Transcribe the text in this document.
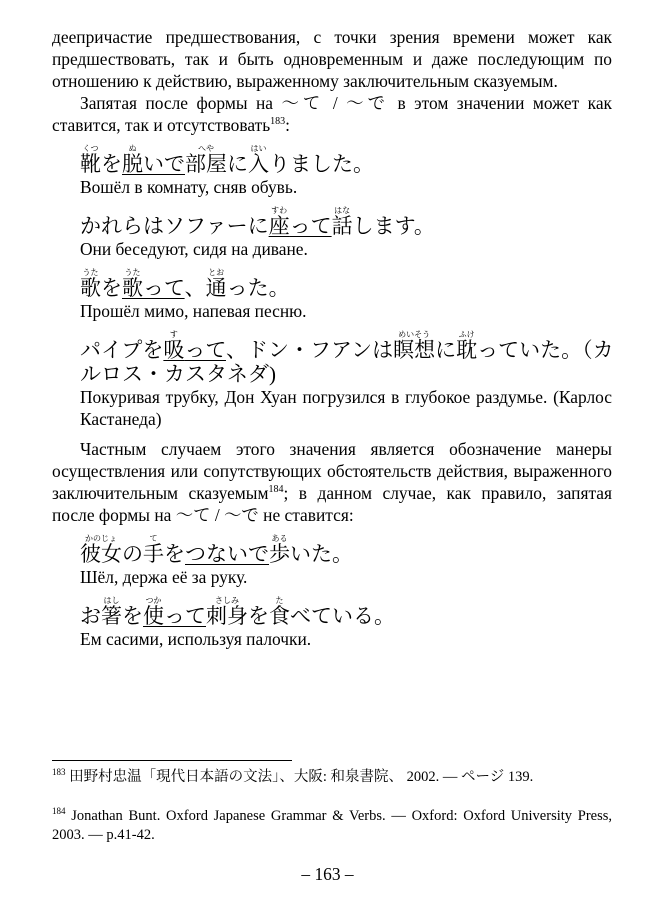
деепричастие предшествования, с точки зрения времени может как предшествовать, так и быть одновременным и даже последующим по отношению к действию, выраженному заключительным сказуемым.

Запятая после формы на ～て / ～で в этом значении может как ставится, так и отсутствовать$^{183}$:

靴くつを脱ぬいで部屋へやに入はいりました。

Вошёл в комнату, сняв обувь.

かれらはソファーに座すわって話はなします。

Они беседуют, сидя на диване.

歌うたを歌うたって、通とおった。

Прошёл мимо, напевая песню.

パイプを吸すって、ドン・フアンは瞑想めいそうに耽ふけっていた。（カ

ルロス・カスタネダ)

Покуривая трубку, Дон Хуан погрузился в глубокое раздумье. (Карлос Кастанеда)

Частным случаем этого значения является обозначение манеры осуществления или сопутствующих обстоятельств действия, выраженного заключительным сказуемым$^{184}$; в данном случае, как правило, запятая после формы на ～て / ～で не ставится:

彼女かのじょの手てをつないで歩あるいた。

Шёл, держа её за руку.

お箸はしを使つかって刺身さしみを食たべている。

Ем сасими, используя палочки.

$^{183}$ 田野村忠温「現代日本語の文法」、大阪: 和泉書院、 2002. — ページ 139.

$^{184}$ Jonathan Bunt. Oxford Japanese Grammar & Verbs. — Oxford: Oxford University Press, 2003. — p.41-42.

– 163 –
